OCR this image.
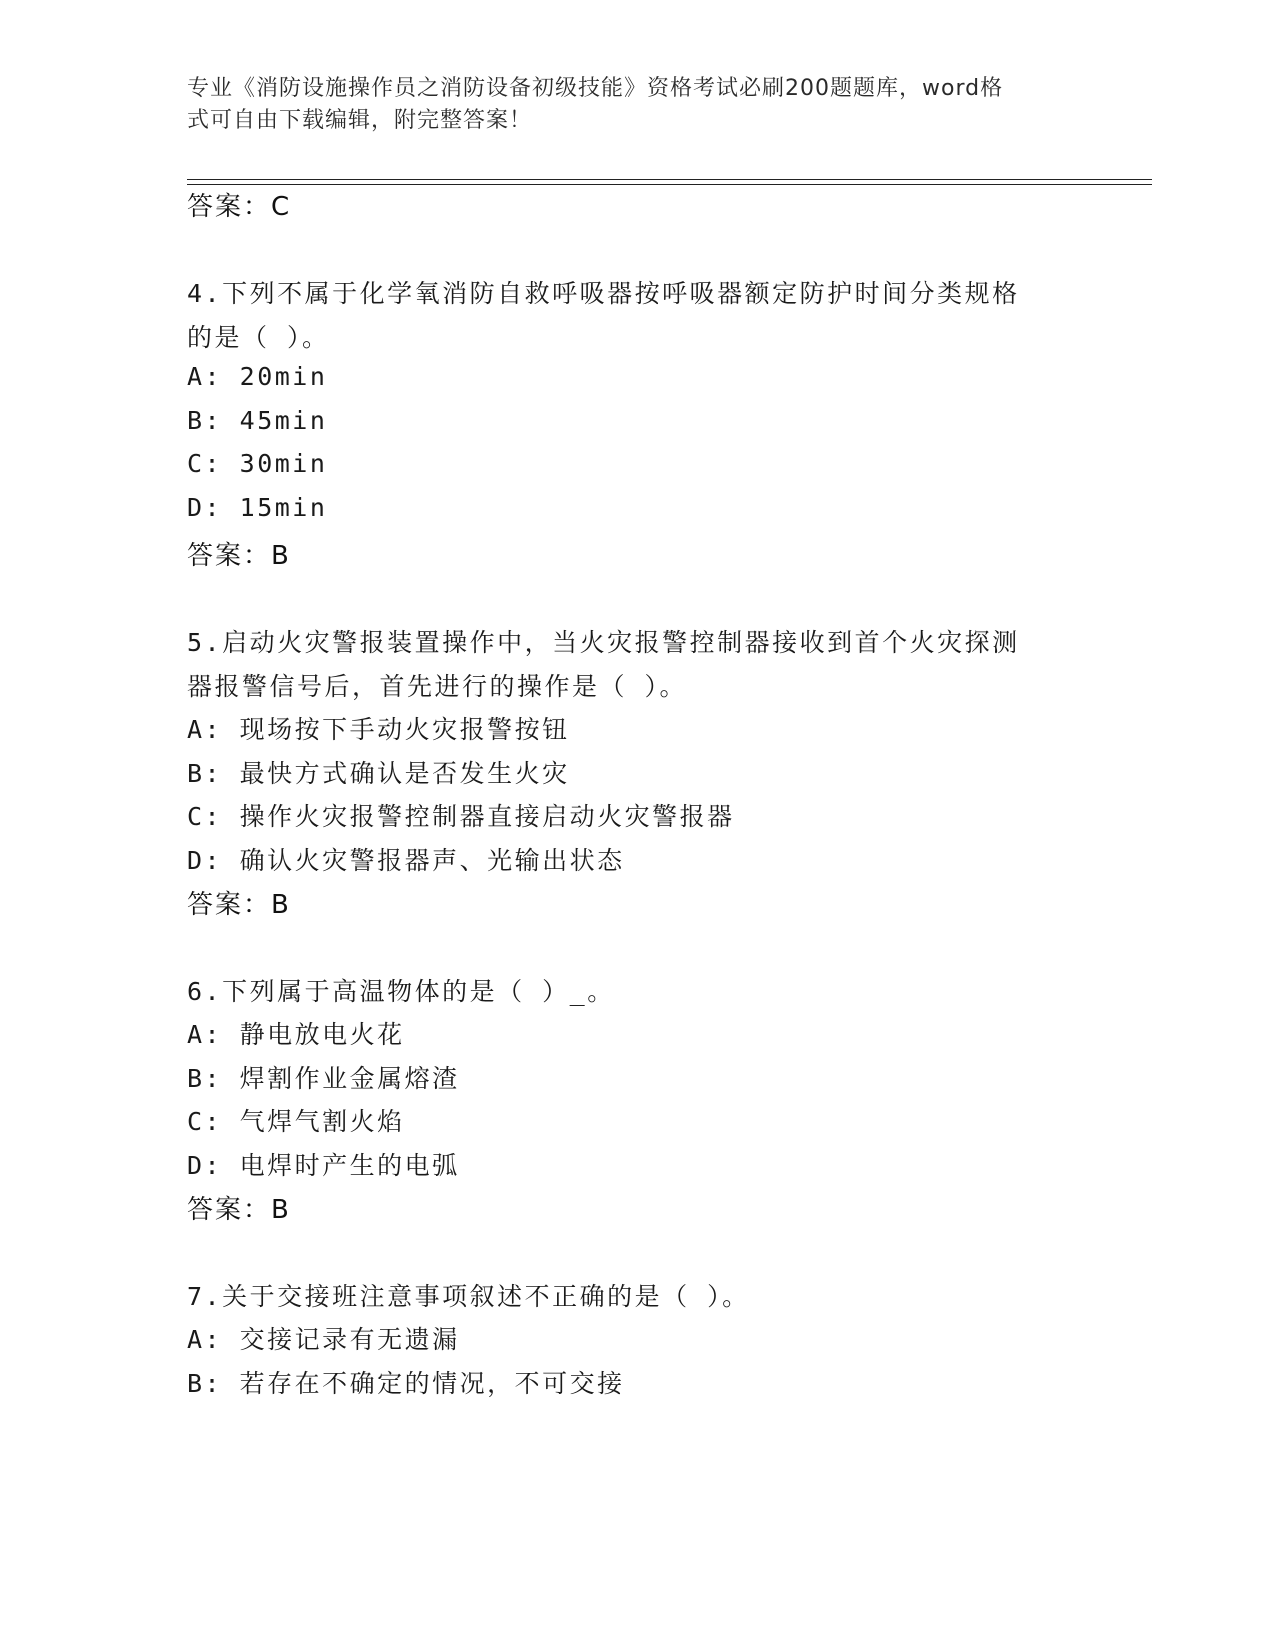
专业《消防设施操作员之消防设备初级技能》资格考试必刷200题题库，word格
式可自由下载编辑，附完整答案！
答案：C
4.下列不属于化学氧消防自救呼吸器按呼吸器额定防护时间分类规格
的是（ ）。
A: 20min
B: 45min
C: 30min
D: 15min
答案：B
5.启动火灾警报装置操作中，当火灾报警控制器接收到首个火灾探测
器报警信号后，首先进行的操作是（ ）。
A: 现场按下手动火灾报警按钮
B: 最快方式确认是否发生火灾
C: 操作火灾报警控制器直接启动火灾警报器
D: 确认火灾警报器声、光输出状态
答案：B
6.下列属于高温物体的是（ ）_。
A: 静电放电火花
B: 焊割作业金属熔渣
C: 气焊气割火焰
D: 电焊时产生的电弧
答案：B
7.关于交接班注意事项叙述不正确的是（ ）。
A: 交接记录有无遗漏
B: 若存在不确定的情况，不可交接
